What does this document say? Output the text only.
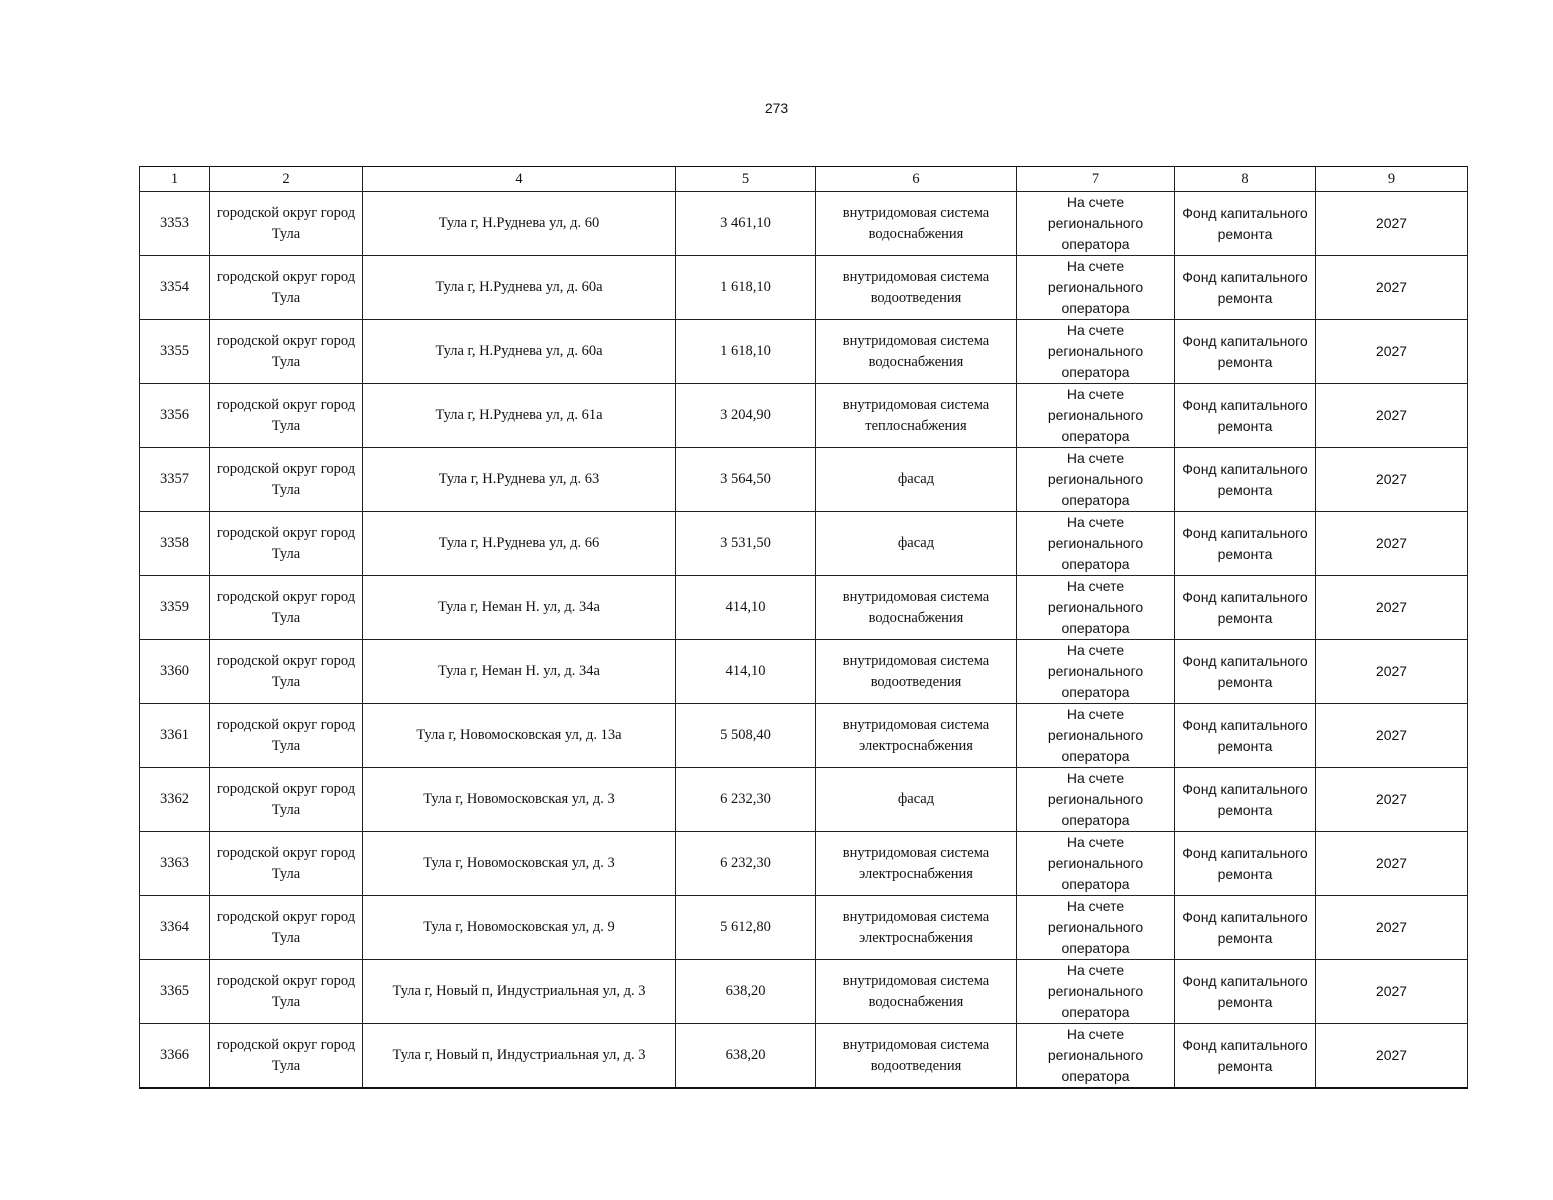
273
1	2	4	5	6	7	8	9
3353	городской округ город Тула	Тула г, Н.Руднева ул, д. 60	3 461,10	внутридомовая система водоснабжения	На счете регионального оператора	Фонд капитального ремонта	2027
3354	городской округ город Тула	Тула г, Н.Руднева ул, д. 60а	1 618,10	внутридомовая система водоотведения	На счете регионального оператора	Фонд капитального ремонта	2027
3355	городской округ город Тула	Тула г, Н.Руднева ул, д. 60а	1 618,10	внутридомовая система водоснабжения	На счете регионального оператора	Фонд капитального ремонта	2027
3356	городской округ город Тула	Тула г, Н.Руднева ул, д. 61а	3 204,90	внутридомовая система теплоснабжения	На счете регионального оператора	Фонд капитального ремонта	2027
3357	городской округ город Тула	Тула г, Н.Руднева ул, д. 63	3 564,50	фасад	На счете регионального оператора	Фонд капитального ремонта	2027
3358	городской округ город Тула	Тула г, Н.Руднева ул, д. 66	3 531,50	фасад	На счете регионального оператора	Фонд капитального ремонта	2027
3359	городской округ город Тула	Тула г, Неман Н. ул, д. 34а	414,10	внутридомовая система водоснабжения	На счете регионального оператора	Фонд капитального ремонта	2027
3360	городской округ город Тула	Тула г, Неман Н. ул, д. 34а	414,10	внутридомовая система водоотведения	На счете регионального оператора	Фонд капитального ремонта	2027
3361	городской округ город Тула	Тула г, Новомосковская ул, д. 13а	5 508,40	внутридомовая система электроснабжения	На счете регионального оператора	Фонд капитального ремонта	2027
3362	городской округ город Тула	Тула г, Новомосковская ул, д. 3	6 232,30	фасад	На счете регионального оператора	Фонд капитального ремонта	2027
3363	городской округ город Тула	Тула г, Новомосковская ул, д. 3	6 232,30	внутридомовая система электроснабжения	На счете регионального оператора	Фонд капитального ремонта	2027
3364	городской округ город Тула	Тула г, Новомосковская ул, д. 9	5 612,80	внутридомовая система электроснабжения	На счете регионального оператора	Фонд капитального ремонта	2027
3365	городской округ город Тула	Тула г, Новый п, Индустриальная ул, д. 3	638,20	внутридомовая система водоснабжения	На счете регионального оператора	Фонд капитального ремонта	2027
3366	городской округ город Тула	Тула г, Новый п, Индустриальная ул, д. 3	638,20	внутридомовая система водоотведения	На счете регионального оператора	Фонд капитального ремонта	2027
